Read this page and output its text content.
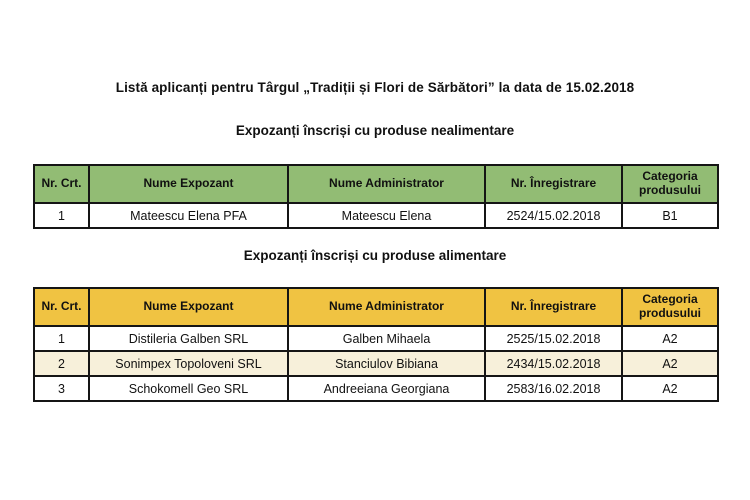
Listă aplicanți pentru Târgul „Tradiții și Flori de Sărbători” la data de 15.02.2018
Expozanți înscriși cu produse nealimentare
Nr. Crt.	Nume Expozant	Nume Administrator	Nr. Înregistrare	Categoria produsului
1	Mateescu Elena PFA	Mateescu Elena	2524/15.02.2018	B1
Expozanți înscriși cu produse alimentare
Nr. Crt.	Nume Expozant	Nume Administrator	Nr. Înregistrare	Categoria produsului
1	Distileria Galben SRL	Galben Mihaela	2525/15.02.2018	A2
2	Sonimpex Topoloveni SRL	Stanciulov Bibiana	2434/15.02.2018	A2
3	Schokomell Geo SRL	Andreeiana Georgiana	2583/16.02.2018	A2
